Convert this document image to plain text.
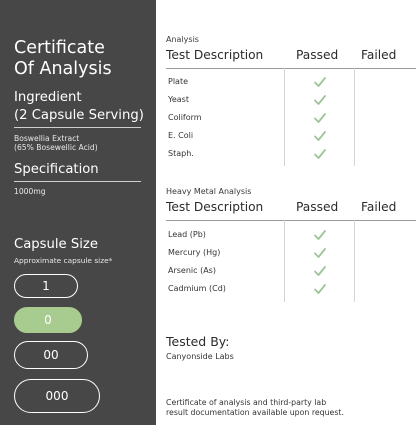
Certificate
Of Analysis
Ingredient
(2 Capsule Serving)
Boswellia Extract
(65% Bosewellic Acid)
Specification
1000mg
Capsule Size
Approximate capsule size*
1
0
00
000
Analysis
Test Description	Passed Failed
Plate
Yeast
Coliform
E. Coli
Staph.
Heavy Metal Analysis
Test Description	Passed Failed
Lead (Pb)
Mercury (Hg)
Arsenic (As)
Cadmium (Cd)
Tested By:
Canyonside Labs
Certificate of analysis and third-party lab
result documentation available upon request.
